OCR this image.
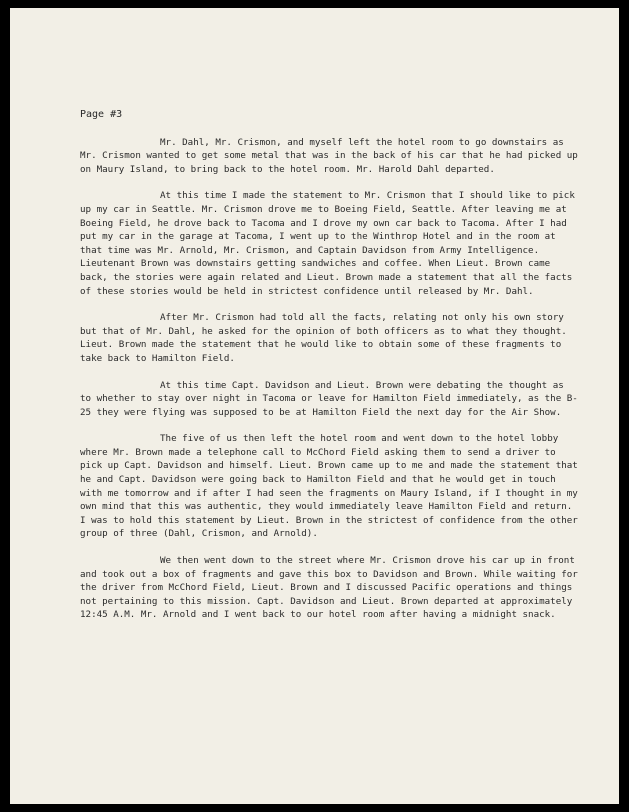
Page #3

Mr. Dahl, Mr. Crismon, and myself left the hotel room to go downstairs as Mr. Crismon wanted to get some metal that was in the back of his car that he had picked up on Maury Island, to bring back to the hotel room. Mr. Harold Dahl departed.

At this time I made the statement to Mr. Crismon that I should like to pick up my car in Seattle. Mr. Crismon drove me to Boeing Field, Seattle. After leaving me at Boeing Field, he drove back to Tacoma and I drove my own car back to Tacoma. After I had put my car in the garage at Tacoma, I went up to the Winthrop Hotel and in the room at that time was Mr. Arnold, Mr. Crismon, and Captain Davidson from Army Intelligence. Lieutenant Brown was downstairs getting sandwiches and coffee. When Lieut. Brown came back, the stories were again related and Lieut. Brown made a statement that all the facts of these stories would be held in strictest confidence until released by Mr. Dahl.

After Mr. Crismon had told all the facts, relating not only his own story but that of Mr. Dahl, he asked for the opinion of both officers as to what they thought. Lieut. Brown made the statement that he would like to obtain some of these fragments to take back to Hamilton Field.

At this time Capt. Davidson and Lieut. Brown were debating the thought as to whether to stay over night in Tacoma or leave for Hamilton Field immediately, as the B-25 they were flying was supposed to be at Hamilton Field the next day for the Air Show.

The five of us then left the hotel room and went down to the hotel lobby where Mr. Brown made a telephone call to McChord Field asking them to send a driver to pick up Capt. Davidson and himself. Lieut. Brown came up to me and made the statement that he and Capt. Davidson were going back to Hamilton Field and that he would get in touch with me tomorrow and if after I had seen the fragments on Maury Island, if I thought in my own mind that this was authentic, they would immediately leave Hamilton Field and return. I was to hold this statement by Lieut. Brown in the strictest of confidence from the other group of three (Dahl, Crismon, and Arnold).

We then went down to the street where Mr. Crismon drove his car up in front and took out a box of fragments and gave this box to Davidson and Brown. While waiting for the driver from McChord Field, Lieut. Brown and I discussed Pacific operations and things not pertaining to this mission. Capt. Davidson and Lieut. Brown departed at approximately 12:45 A.M. Mr. Arnold and I went back to our hotel room after having a midnight snack.
